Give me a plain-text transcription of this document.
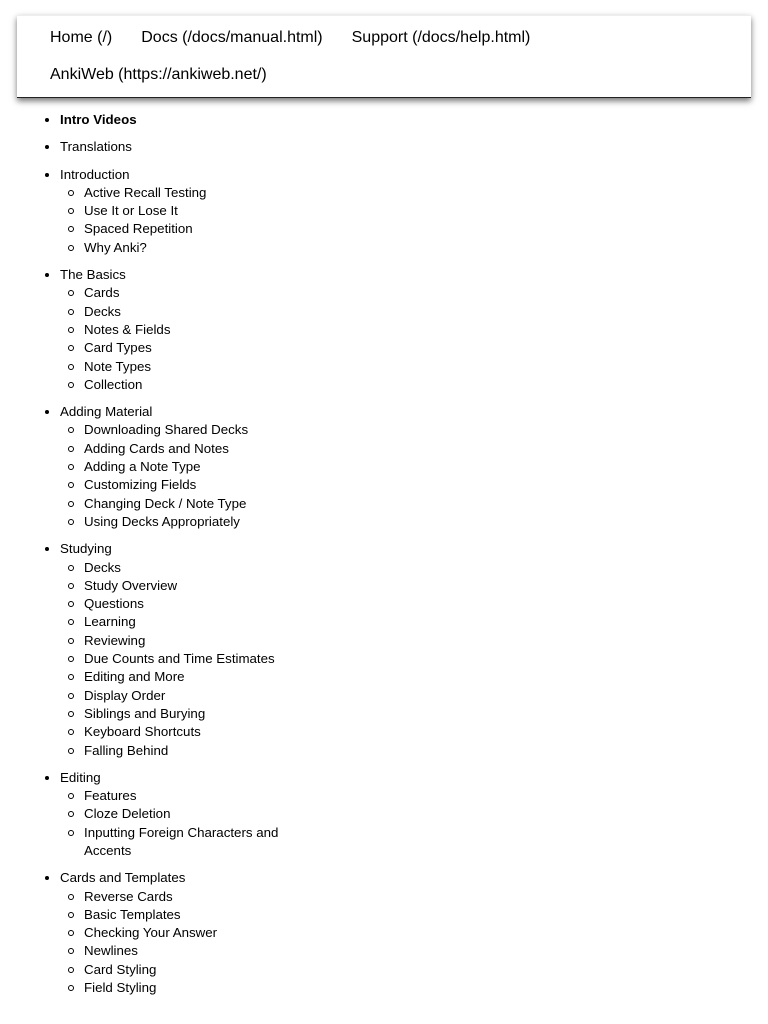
Home (/) Docs (/docs/manual.html) Support (/docs/help.html)
AnkiWeb (https://ankiweb.net/)
Intro Videos
Translations
Introduction
Active Recall Testing
Use It or Lose It
Spaced Repetition
Why Anki?
The Basics
Cards
Decks
Notes & Fields
Card Types
Note Types
Collection
Adding Material
Downloading Shared Decks
Adding Cards and Notes
Adding a Note Type
Customizing Fields
Changing Deck / Note Type
Using Decks Appropriately
Studying
Decks
Study Overview
Questions
Learning
Reviewing
Due Counts and Time Estimates
Editing and More
Display Order
Siblings and Burying
Keyboard Shortcuts
Falling Behind
Editing
Features
Cloze Deletion
Inputting Foreign Characters and Accents
Cards and Templates
Reverse Cards
Basic Templates
Checking Your Answer
Newlines
Card Styling
Field Styling
